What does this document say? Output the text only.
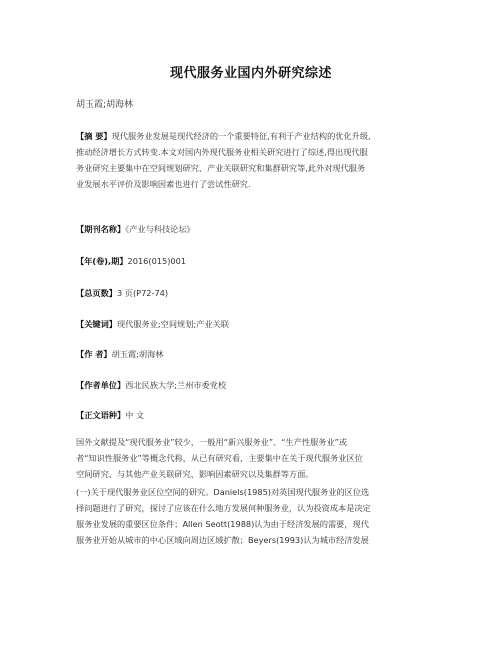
现代服务业国内外研究综述
胡玉霞;胡海林
【摘 要】现代服务业发展是现代经济的一个重要特征,有利于产业结构的优化升级,
推动经济增长方式转变.本文对国内外现代服务业相关研究进行了综述,得出现代服
务业研究主要集中在空间规划研究、产业关联研究和集群研究等,此外对现代服务
业发展水平评价及影响因素也进行了尝试性研究.
【期刊名称】《产业与科技论坛》
【年(卷),期】2016(015)001
【总页数】3 页(P72-74)
【关键词】现代服务业;空间规划;产业关联
【作 者】胡玉霞;胡海林
【作者单位】西北民族大学;兰州市委党校
【正文语种】中 文
国外文献提及“现代服务业”较少，一般用“新兴服务业”、“生产性服务业”或
者“知识性服务业”等概念代称，从已有研究看，主要集中在关于现代服务业区位
空间研究、与其他产业关联研究、影响因素研究以及集群等方面。
(一)关于现代服务业区位空间的研究。Daniels(1985)对英国现代服务业的区位选
择问题进行了研究，探讨了应该在什么地方发展何种服务业，认为投资成本是决定
服务业发展的重要区位条件；Allen Seott(1988)认为由于经济发展的需要，现代
服务业开始从城市的中心区域向周边区域扩散；Beyers(1993)认为城市经济发展
